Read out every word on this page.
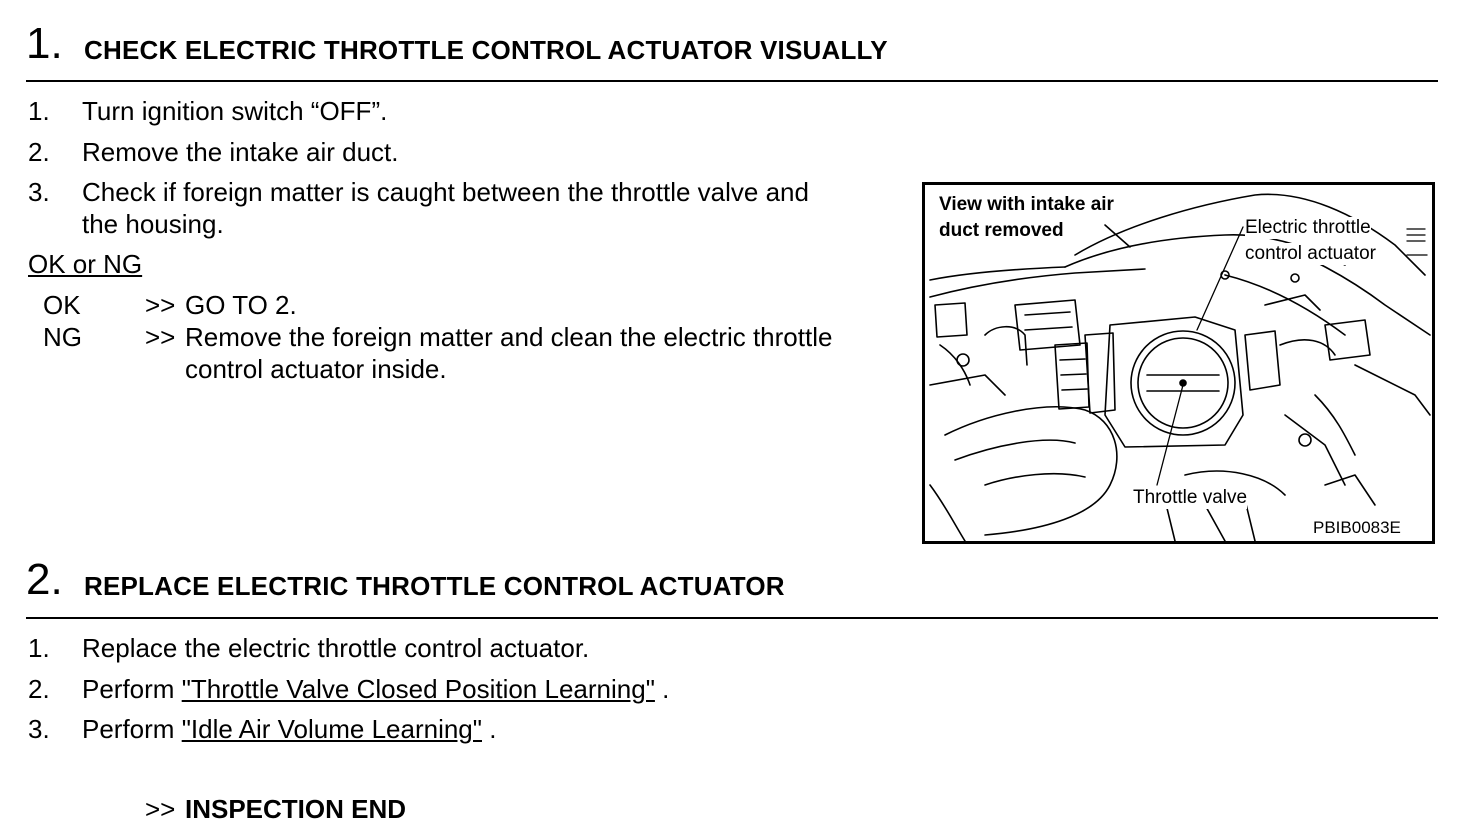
1. CHECK ELECTRIC THROTTLE CONTROL ACTUATOR VISUALLY
1. Turn ignition switch “OFF”.
2. Remove the intake air duct.
3. Check if foreign matter is caught between the throttle valve and
the housing.
OK or NG
OK >> GO TO 2.
NG >> Remove the foreign matter and clean the electric throttle
control actuator inside.
View with intake air
duct removed	Electric throttle
control actuator
Throttle valve
PBIB0083E
2. REPLACE ELECTRIC THROTTLE CONTROL ACTUATOR
1. Replace the electric throttle control actuator.
2. Perform "Throttle Valve Closed Position Learning" .
3. Perform "Idle Air Volume Learning" .
>> INSPECTION END
